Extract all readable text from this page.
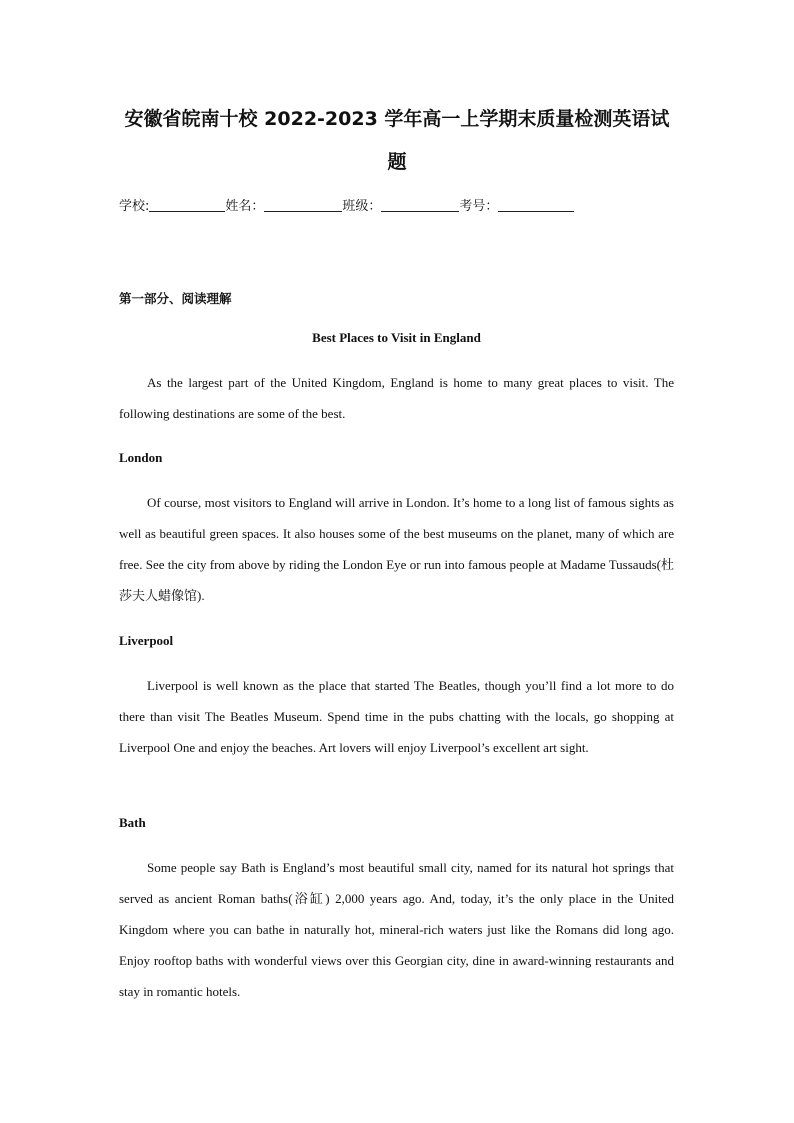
安徽省皖南十校 2022-2023 学年高一上学期末质量检测英语试
题
学校:	姓名：	班级：	考号：
第一部分、阅读理解
Best Places to Visit in England

As the largest part of the United Kingdom, England is home to many great places to visit. The following destinations are some of the best.

London

Of course, most visitors to England will arrive in London. It’s home to a long list of famous sights as well as beautiful green spaces. It also houses some of the best museums on the planet, many of which are free. See the city from above by riding the London Eye or run into famous people at Madame Tussauds(杜莎夫人蜡像馆).

Liverpool

Liverpool is well known as the place that started The Beatles, though you’ll find a lot more to do there than visit The Beatles Museum. Spend time in the pubs chatting with the locals, go shopping at Liverpool One and enjoy the beaches. Art lovers will enjoy Liverpool’s excellent art sight.

Bath

Some people say Bath is England’s most beautiful small city, named for its natural hot springs that served as ancient Roman baths(浴缸) 2,000 years ago. And, today, it’s the only place in the United Kingdom where you can bathe in naturally hot, mineral-rich waters just like the Romans did long ago. Enjoy rooftop baths with wonderful views over this Georgian city, dine in award-winning restaurants and stay in romantic hotels.
